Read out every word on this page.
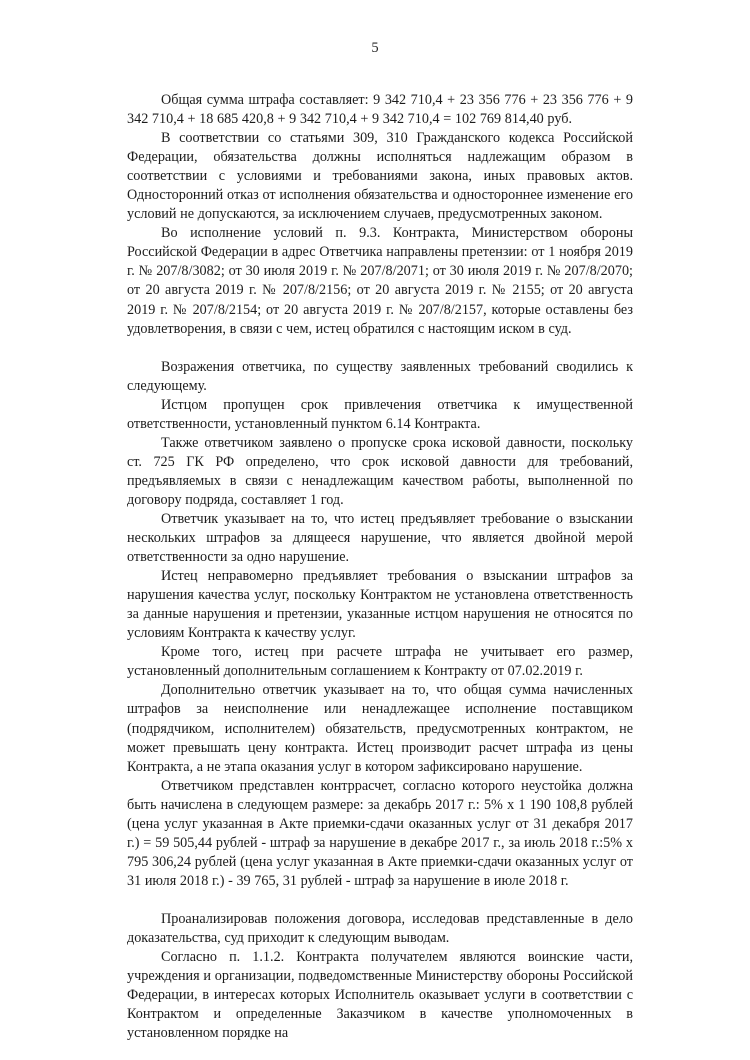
5

Общая сумма штрафа составляет: 9 342 710,4 + 23 356 776 + 23 356 776 + 9 342 710,4 + 18 685 420,8 + 9 342 710,4 + 9 342 710,4 = 102 769 814,40 руб.

В соответствии со статьями 309, 310 Гражданского кодекса Российской Федерации, обязательства должны исполняться надлежащим образом в соответствии с условиями и требованиями закона, иных правовых актов. Односторонний отказ от исполнения обязательства и одностороннее изменение его условий не допускаются, за исключением случаев, предусмотренных законом.

Во исполнение условий п. 9.3. Контракта, Министерством обороны Российской Федерации в адрес Ответчика направлены претензии: от 1 ноября 2019 г. № 207/8/3082; от 30 июля 2019 г. № 207/8/2071; от 30 июля 2019 г. № 207/8/2070; от 20 августа 2019 г. № 207/8/2156; от 20 августа 2019 г. № 2155; от 20 августа 2019 г. № 207/8/2154; от 20 августа 2019 г. № 207/8/2157, которые оставлены без удовлетворения, в связи с чем, истец обратился с настоящим иском в суд.

Возражения ответчика, по существу заявленных требований сводились к следующему.

Истцом пропущен срок привлечения ответчика к имущественной ответственности, установленный пунктом 6.14 Контракта.

Также ответчиком заявлено о пропуске срока исковой давности, поскольку ст. 725 ГК РФ определено, что срок исковой давности для требований, предъявляемых в связи с ненадлежащим качеством работы, выполненной по договору подряда, составляет 1 год.

Ответчик указывает на то, что истец предъявляет требование о взыскании нескольких штрафов за длящееся нарушение, что является двойной мерой ответственности за одно нарушение.

Истец неправомерно предъявляет требования о взыскании штрафов за нарушения качества услуг, поскольку Контрактом не установлена ответственность за данные нарушения и претензии, указанные истцом нарушения не относятся по условиям Контракта к качеству услуг.

Кроме того, истец при расчете штрафа не учитывает его размер, установленный дополнительным соглашением к Контракту от 07.02.2019 г.

Дополнительно ответчик указывает на то, что общая сумма начисленных штрафов за неисполнение или ненадлежащее исполнение поставщиком (подрядчиком, исполнителем) обязательств, предусмотренных контрактом, не может превышать цену контракта. Истец производит расчет штрафа из цены Контракта, а не этапа оказания услуг в котором зафиксировано нарушение.

Ответчиком представлен контррасчет, согласно которого неустойка должна быть начислена в следующем размере: за декабрь 2017 г.: 5% х 1 190 108,8 рублей (цена услуг указанная в Акте приемки-сдачи оказанных услуг от 31 декабря 2017 г.) = 59 505,44 рублей - штраф за нарушение в декабре 2017 г., за июль 2018 г.:5% х 795 306,24 рублей (цена услуг указанная в Акте приемки-сдачи оказанных услуг от 31 июля 2018 г.) - 39 765, 31 рублей - штраф за нарушение в июле 2018 г.

Проанализировав положения договора, исследовав представленные в дело доказательства, суд приходит к следующим выводам.

Согласно п. 1.1.2. Контракта получателем являются воинские части, учреждения и организации, подведомственные Министерству обороны Российской Федерации, в интересах которых Исполнитель оказывает услуги в соответствии с Контрактом и определенные Заказчиком в качестве уполномоченных в установленном порядке на
